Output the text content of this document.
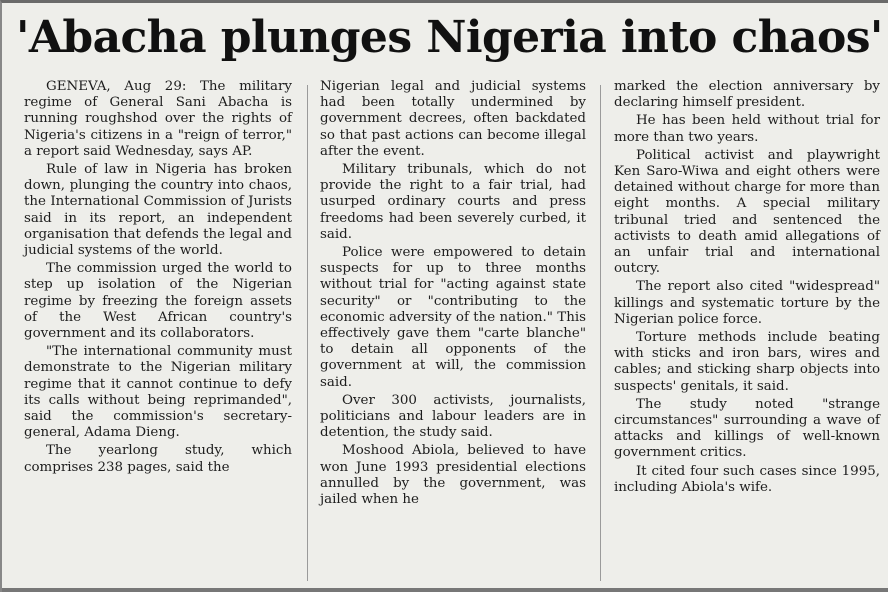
'Abacha plunges Nigeria into chaos'

GENEVA, Aug 29: The military regime of General Sani Abacha is running roughshod over the rights of Nigeria's citizens in a "reign of terror," a report said Wednesday, says AP.

Rule of law in Nigeria has broken down, plunging the country into chaos, the International Commission of Jurists said in its report, an independent organisation that defends the legal and judicial systems of the world.

The commission urged the world to step up isolation of the Nigerian regime by freezing the foreign assets of the West African country's government and its collaborators.

"The international community must demonstrate to the Nigerian military regime that it cannot continue to defy its calls without being reprimanded", said the commission's secretary-general, Adama Dieng.

The yearlong study, which comprises 238 pages, said the

Nigerian legal and judicial systems had been totally undermined by government decrees, often backdated so that past actions can become illegal after the event.

Military tribunals, which do not provide the right to a fair trial, had usurped ordinary courts and press freedoms had been severely curbed, it said.

Police were empowered to detain suspects for up to three months without trial for "acting against state security" or "contributing to the economic adversity of the nation." This effectively gave them "carte blanche" to detain all opponents of the government at will, the commission said.

Over 300 activists, journalists, politicians and labour leaders are in detention, the study said.

Moshood Abiola, believed to have won June 1993 presidential elections annulled by the government, was jailed when he

marked the election anniversary by declaring himself president.

He has been held without trial for more than two years.

Political activist and playwright Ken Saro-Wiwa and eight others were detained without charge for more than eight months. A special military tribunal tried and sentenced the activists to death amid allegations of an unfair trial and international outcry.

The report also cited "widespread" killings and systematic torture by the Nigerian police force.

Torture methods include beating with sticks and iron bars, wires and cables; and sticking sharp objects into suspects' genitals, it said.

The study noted "strange circumstances" surrounding a wave of attacks and killings of well-known government critics.

It cited four such cases since 1995, including Abiola's wife.
